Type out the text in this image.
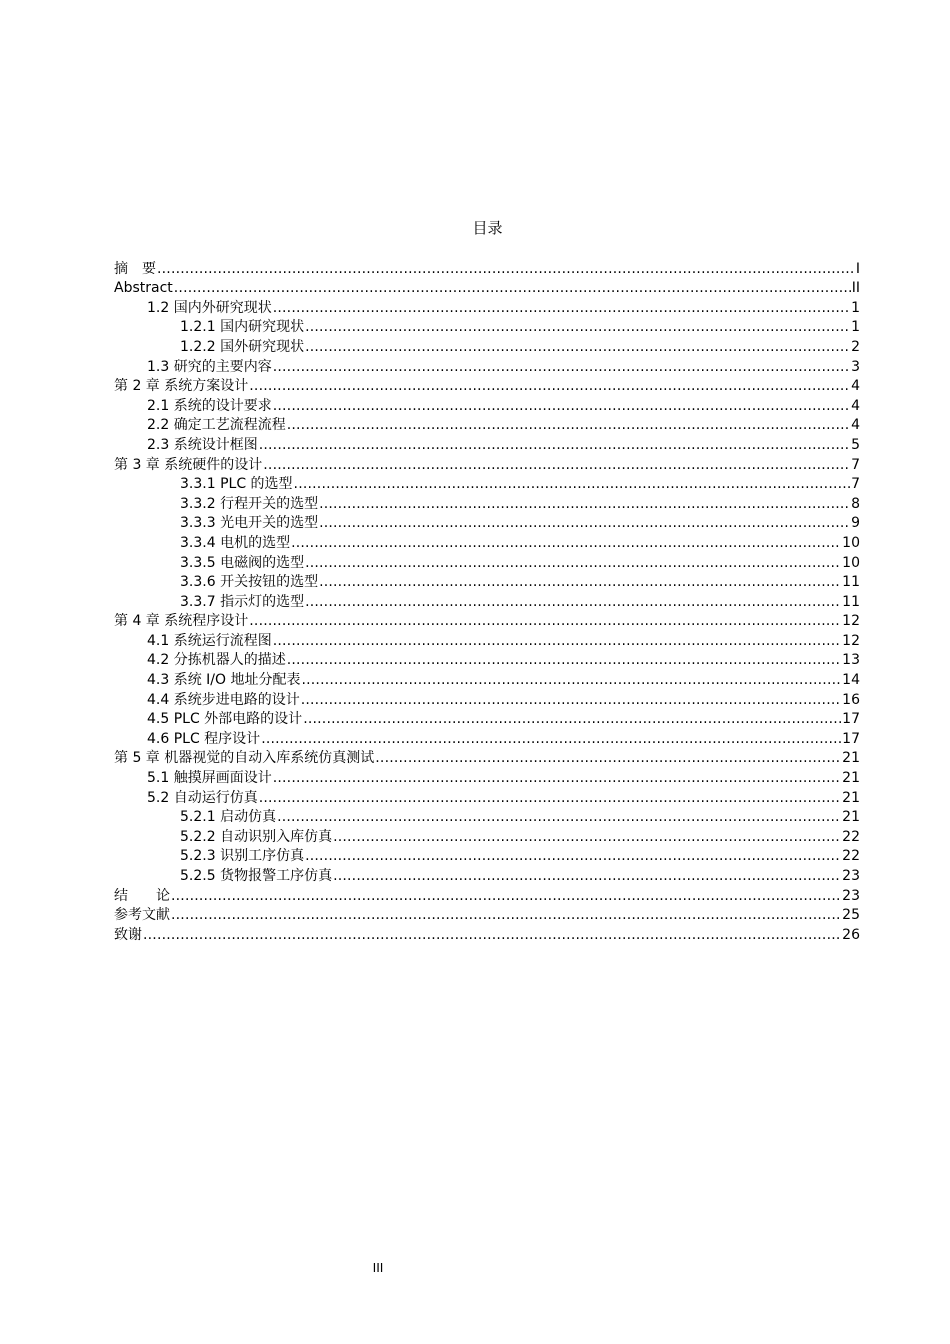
目录
摘　要 .....	I
Abstract .....	II
1.2 国内外研究现状 .....	1
1.2.1 国内研究现状 .....	1
1.2.2 国外研究现状 .....	2
1.3 研究的主要内容 .....	3
第 2 章 系统方案设计 .....	4
2.1 系统的设计要求 .....	4
2.2 确定工艺流程流程 .....	4
2.3 系统设计框图 .....	5
第 3 章 系统硬件的设计 .....	7
3.3.1 PLC 的选型 .....	7
3.3.2 行程开关的选型 .....	8
3.3.3 光电开关的选型 .....	9
3.3.4 电机的选型 .....	10
3.3.5 电磁阀的选型 .....	10
3.3.6 开关按钮的选型 .....	11
3.3.7 指示灯的选型 .....	11
第 4 章 系统程序设计 .....	12
4.1 系统运行流程图 .....	12
4.2 分拣机器人的描述 .....	13
4.3 系统 I/O 地址分配表 .....	14
4.4 系统步进电路的设计 .....	16
4.5 PLC 外部电路的设计 .....	17
4.6 PLC 程序设计 .....	17
第 5 章 机器视觉的自动入库系统仿真测试 .....	21
5.1 触摸屏画面设计 .....	21
5.2 自动运行仿真 .....	21
5.2.1 启动仿真 .....	21
5.2.2 自动识别入库仿真 .....	22
5.2.3 识别工序仿真 .....	22
5.2.5 货物报警工序仿真 .....	23
结　　论 .....	23
参考文献 .....	25
致谢 .....	26
III
